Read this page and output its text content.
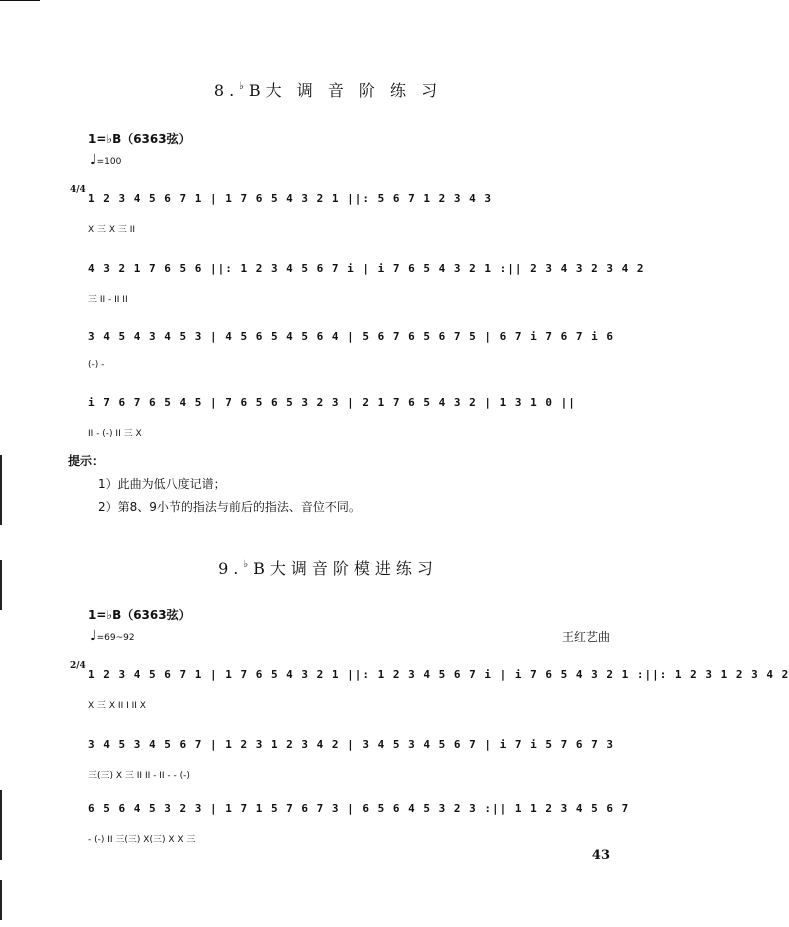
8.♭B大 调 音 阶 练 习
1=♭B（6363弦）
♩=100
4/4
1 2 3 4 5 6 7 1 | 1 7 6 5 4 3 2 1 ||: 5 6 7 1 2 3 4 3
X 三 X 三 II
4 3 2 1 7 6 5 6 ||: 1 2 3 4 5 6 7 i | i 7 6 5 4 3 2 1 :|| 2 3 4 3 2 3 4 2
三 II - II II
3 4 5 4 3 4 5 3 | 4 5 6 5 4 5 6 4 | 5 6 7 6 5 6 7 5 | 6 7 i 7 6 7 i 6
(-) -
i 7 6 7 6 5 4 5 | 7 6 5 6 5 3 2 3 | 2 1 7 6 5 4 3 2 | 1 3 1 0 ||
II - (-) II 三 X
提示：
1）此曲为低八度记谱；
2）第8、9小节的指法与前后的指法、音位不同。
9.♭B大调音阶模进练习
1=♭B（6363弦）
♩=69~92	王红艺曲
2/4
1 2 3 4 5 6 7 1 | 1 7 6 5 4 3 2 1 ||: 1 2 3 4 5 6 7 i | i 7 6 5 4 3 2 1 :||: 1 2 3 1 2 3 4 2
X 三 X II I II X
3 4 5 3 4 5 6 7 | 1 2 3 1 2 3 4 2 | 3 4 5 3 4 5 6 7 | i 7 i 5 7 6 7 3
三(三) X 三 II II - II - - (-)
6 5 6 4 5 3 2 3 | 1 7 1 5 7 6 7 3 | 6 5 6 4 5 3 2 3 :|| 1 1 2 3 4 5 6 7
- (-) II 三(三) X(三) X X 三
43
